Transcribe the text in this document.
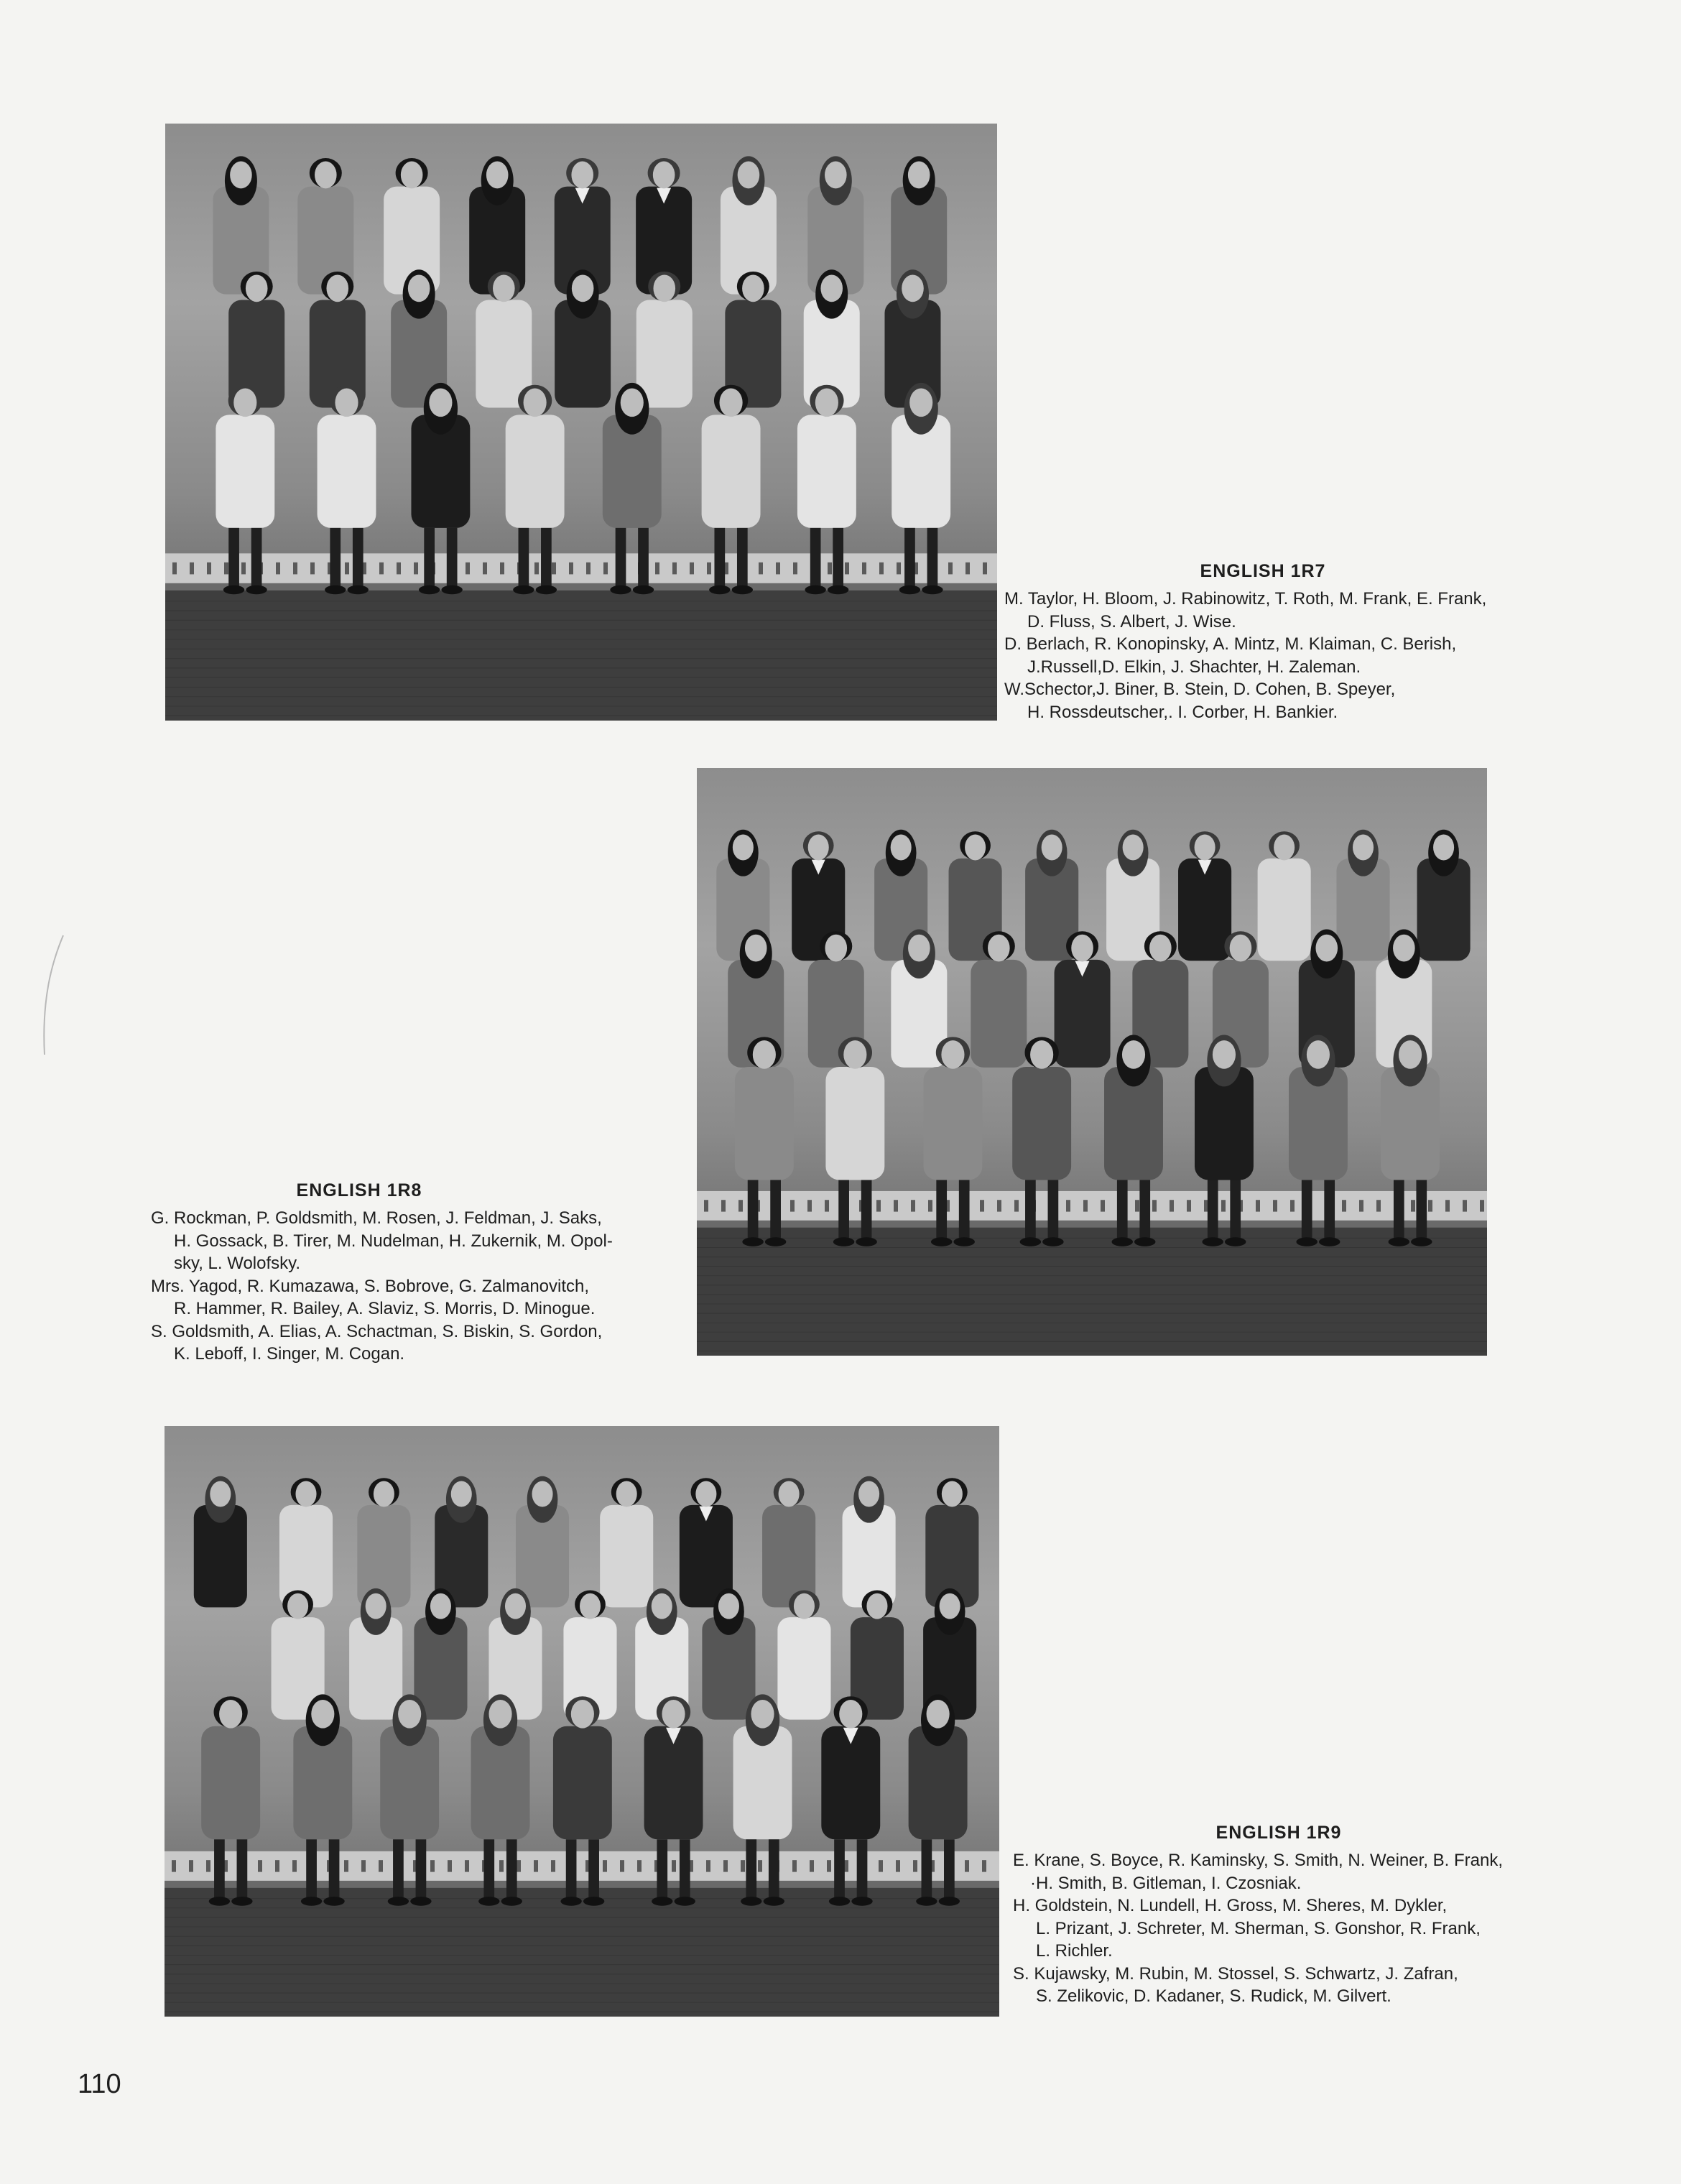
ENGLISH 1R7
M. Taylor, H. Bloom, J. Rabinowitz, T. Roth, M. Frank, E. Frank,
D. Fluss, S. Albert, J. Wise.
D. Berlach, R. Konopinsky, A. Mintz, M. Klaiman, C. Berish,
J.Russell,D. Elkin, J. Shachter, H. Zaleman.
W.Schector,J. Biner, B. Stein, D. Cohen, B. Speyer,
H. Rossdeutscher,. I. Corber, H. Bankier.
ENGLISH 1R8
G. Rockman, P. Goldsmith, M. Rosen, J. Feldman, J. Saks,
H. Gossack, B. Tirer, M. Nudelman, H. Zukernik, M. Opol-
sky, L. Wolofsky.
Mrs. Yagod, R. Kumazawa, S. Bobrove, G. Zalmanovitch,
R. Hammer, R. Bailey, A. Slaviz, S. Morris, D. Minogue.
S. Goldsmith, A. Elias, A. Schactman, S. Biskin, S. Gordon,
K. Leboff, I. Singer, M. Cogan.
ENGLISH 1R9
E. Krane, S. Boyce, R. Kaminsky, S. Smith, N. Weiner, B. Frank,
·H. Smith, B. Gitleman, I. Czosniak.
H. Goldstein, N. Lundell, H. Gross, M. Sheres, M. Dykler,
L. Prizant, J. Schreter, M. Sherman, S. Gonshor, R. Frank,
L. Richler.
S. Kujawsky, M. Rubin, M. Stossel, S. Schwartz, J. Zafran,
S. Zelikovic, D. Kadaner, S. Rudick, M. Gilvert.
110
